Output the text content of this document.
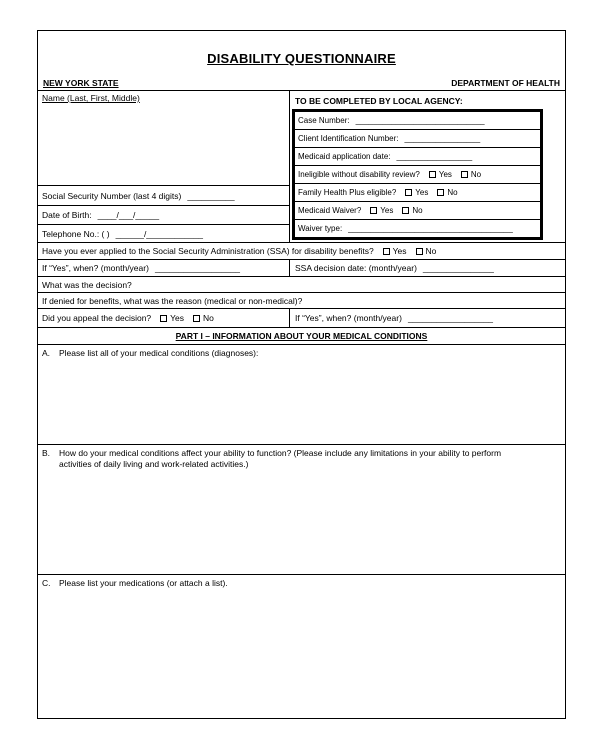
DISABILITY QUESTIONNAIRE
NEW YORK STATE	DEPARTMENT OF HEALTH
Name (Last, First, Middle)
Social Security Number (last 4 digits) __________
Date of Birth: ____/___/_____
Telephone No.: ( ) ______/____________
TO BE COMPLETED BY LOCAL AGENCY:
Case Number: _____________________________
Client Identification Number: _________________
Medicaid application date: _________________
Ineligible without disability review? Yes No
Family Health Plus eligible? Yes No
Medicaid Waiver? Yes No
Waiver type: _____________________________________
Have you ever applied to the Social Security Administration (SSA) for disability benefits? Yes No
If “Yes”, when? (month/year) __________________	SSA decision date: (month/year) _______________
What was the decision?
If denied for benefits, what was the reason (medical or non-medical)?
Did you appeal the decision? Yes No	If “Yes”, when? (month/year) __________________
PART I – INFORMATION ABOUT YOUR MEDICAL CONDITIONS
A.	Please list all of your medical conditions (diagnoses):
B.	How do your medical conditions affect your ability to function? (Please include any limitations in your ability to perform activities of daily living and work-related activities.)
C.	Please list your medications (or attach a list).
